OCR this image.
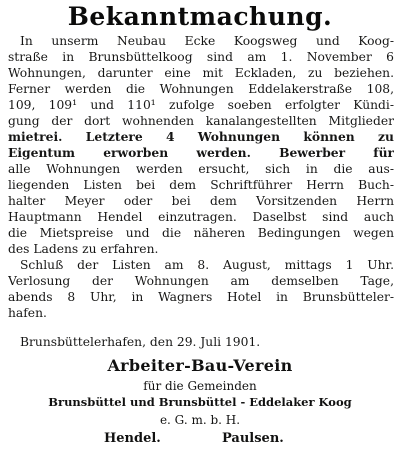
Bekanntmachung.
In unserm Neubau Ecke Koogsweg und Koog-
straße in Brunsbüttelkoog sind am 1. November 6
Wohnungen, darunter eine mit Eckladen, zu beziehen.
Ferner werden die Wohnungen Eddelakerstraße 108,
109, 109¹ und 110¹ zufolge soeben erfolgter Kündi-
gung der dort wohnenden kanalangestellten Mitglieder
mietrei. Letztere 4 Wohnungen können zu
Eigentum erworben werden. Bewerber für
alle Wohnungen werden ersucht, sich in die aus-
liegenden Listen bei dem Schriftführer Herrn Buch-
halter Meyer oder bei dem Vorsitzenden Herrn
Hauptmann Hendel einzutragen. Daselbst sind auch
die Mietspreise und die näheren Bedingungen wegen
des Ladens zu erfahren.
Schluß der Listen am 8. August, mittags 1 Uhr.
Verlosung der Wohnungen am demselben Tage,
abends 8 Uhr, in Wagners Hotel in Brunsbütteler-
hafen.
Brunsbüttelerhafen, den 29. Juli 1901.
Arbeiter-Bau-Verein
für die Gemeinden
Brunsbüttel und Brunsbüttel - Eddelaker Koog
e. G. m. b. H.
Hendel.	Paulsen.
